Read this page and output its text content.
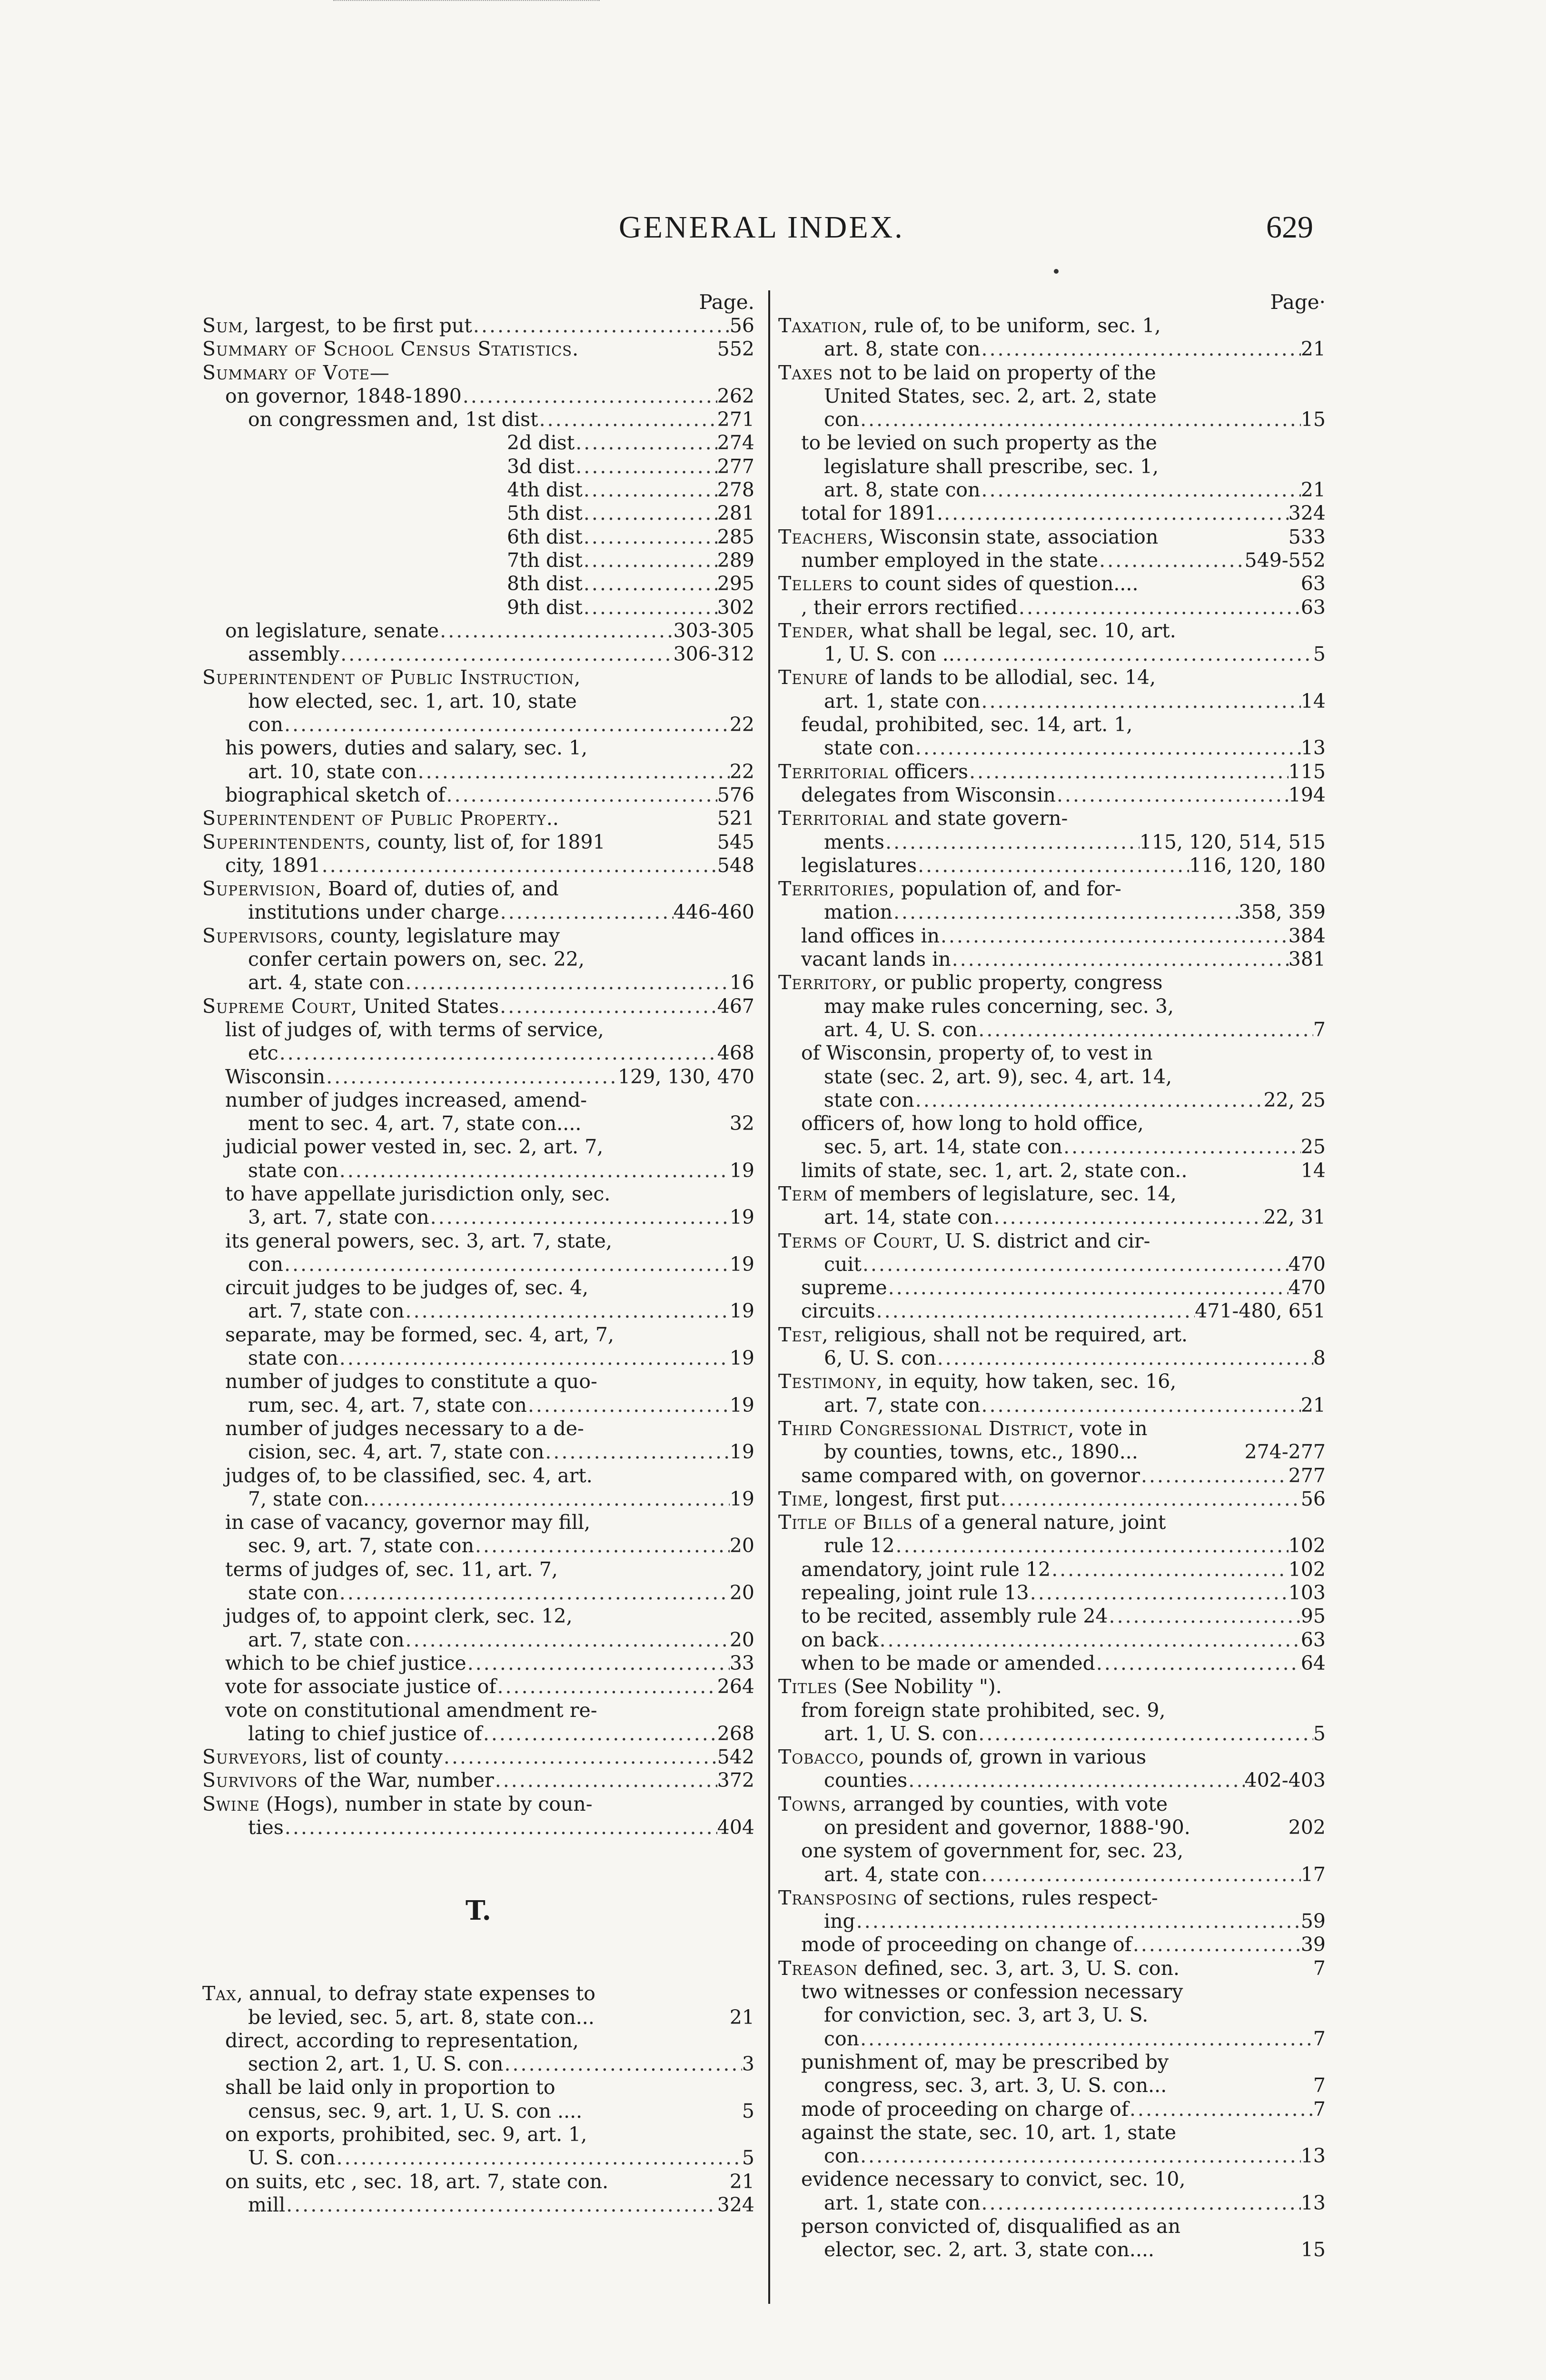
GENERAL INDEX.	629
Page.
Sum, largest, to be first put .....	56
Summary of School Census Statistics.	552
Summary of Vote—
on governor, 1848-1890 .....	262
on congressmen and, 1st dist .....	271
2d dist .....	274
3d dist .....	277
4th dist .....	278
5th dist .....	281
6th dist .....	285
7th dist .....	289
8th dist .....	295
9th dist .....	302
on legislature, senate .....	303-305
assembly .....	306-312
Superintendent of Public Instruction,
how elected, sec. 1, art. 10, state
con .....	22
his powers, duties and salary, sec. 1,
art. 10, state con .....	22
biographical sketch of .....	576
Superintendent of Public Property..	521
Superintendents, county, list of, for 1891	545
city, 1891 .....	548
Supervision, Board of, duties of, and
institutions under charge .....	446-460
Supervisors, county, legislature may
confer certain powers on, sec. 22,
art. 4, state con .....	16
Supreme Court, United States .....	467
list of judges of, with terms of service,
etc .....	468
Wisconsin .....	129, 130, 470
number of judges increased, amend-
ment to sec. 4, art. 7, state con....	32
judicial power vested in, sec. 2, art. 7,
state con .....	19
to have appellate jurisdiction only, sec.
3, art. 7, state con .....	19
its general powers, sec. 3, art. 7, state,
con .....	19
circuit judges to be judges of, sec. 4,
art. 7, state con .....	19
separate, may be formed, sec. 4, art, 7,
state con .....	19
number of judges to constitute a quo-
rum, sec. 4, art. 7, state con .....	19
number of judges necessary to a de-
cision, sec. 4, art. 7, state con .....	19
judges of, to be classified, sec. 4, art.
7, state con. .....	19
in case of vacancy, governor may fill,
sec. 9, art. 7, state con .....	20
terms of judges of, sec. 11, art. 7,
state con .....	20
judges of, to appoint clerk, sec. 12,
art. 7, state con .....	20
which to be chief justice .....	33
vote for associate justice of .....	264
vote on constitutional amendment re-
lating to chief justice of .....	268
Surveyors, list of county .....	542
Survivors of the War, number .....	372
Swine (Hogs), number in state by coun-
ties .....	404
T.
Tax, annual, to defray state expenses to
be levied, sec. 5, art. 8, state con...	21
direct, according to representation,
section 2, art. 1, U. S. con .....	3
shall be laid only in proportion to
census, sec. 9, art. 1, U. S. con ....	5
on exports, prohibited, sec. 9, art. 1,
U. S. con .....	5
on suits, etc , sec. 18, art. 7, state con.	21
mill .....	324
Page·
Taxation, rule of, to be uniform, sec. 1,
art. 8, state con .....	21
Taxes not to be laid on property of the
United States, sec. 2, art. 2, state
con .....	15
to be levied on such property as the
legislature shall prescribe, sec. 1,
art. 8, state con .....	21
total for 1891. .....	324
Teachers, Wisconsin state, association	533
number employed in the state .....	549-552
Tellers to count sides of question....	63
, their errors rectified .....	63
Tender, what shall be legal, sec. 10, art.
1, U. S. con .. .....	5
Tenure of lands to be allodial, sec. 14,
art. 1, state con .....	14
feudal, prohibited, sec. 14, art. 1,
state con .....	13
Territorial officers .....	115
delegates from Wisconsin .....	194
Territorial and state govern-
ments .....	115, 120, 514, 515
legislatures .....	116, 120, 180
Territories, population of, and for-
mation .....	358, 359
land offices in .....	384
vacant lands in .....	381
Territory, or public property, congress
may make rules concerning, sec. 3,
art. 4, U. S. con .....	7
of Wisconsin, property of, to vest in
state (sec. 2, art. 9), sec. 4, art. 14,
state con .....	22, 25
officers of, how long to hold office,
sec. 5, art. 14, state con .....	25
limits of state, sec. 1, art. 2, state con..	14
Term of members of legislature, sec. 14,
art. 14, state con .....	22, 31
Terms of Court, U. S. district and cir-
cuit .....	470
supreme .....	470
circuits .....	471-480, 651
Test, religious, shall not be required, art.
6, U. S. con .....	8
Testimony, in equity, how taken, sec. 16,
art. 7, state con .....	21
Third Congressional District, vote in
by counties, towns, etc., 1890...	274-277
same compared with, on governor .....	277
Time, longest, first put .....	56
Title of Bills of a general nature, joint
rule 12 .....	102
amendatory, joint rule 12 .....	102
repealing, joint rule 13 .....	103
to be recited, assembly rule 24 .....	95
on back .....	63
when to be made or amended .....	64
Titles (See Nobility ").
from foreign state prohibited, sec. 9,
art. 1, U. S. con .....	5
Tobacco, pounds of, grown in various
counties .....	402-403
Towns, arranged by counties, with vote
on president and governor, 1888-'90.	202
one system of government for, sec. 23,
art. 4, state con .....	17
Transposing of sections, rules respect-
ing .....	59
mode of proceeding on change of .....	39
Treason defined, sec. 3, art. 3, U. S. con.	7
two witnesses or confession necessary
for conviction, sec. 3, art 3, U. S.
con .....	7
punishment of, may be prescribed by
congress, sec. 3, art. 3, U. S. con...	7
mode of proceeding on charge of .....	7
against the state, sec. 10, art. 1, state
con .....	13
evidence necessary to convict, sec. 10,
art. 1, state con .....	13
person convicted of, disqualified as an
elector, sec. 2, art. 3, state con....	15
